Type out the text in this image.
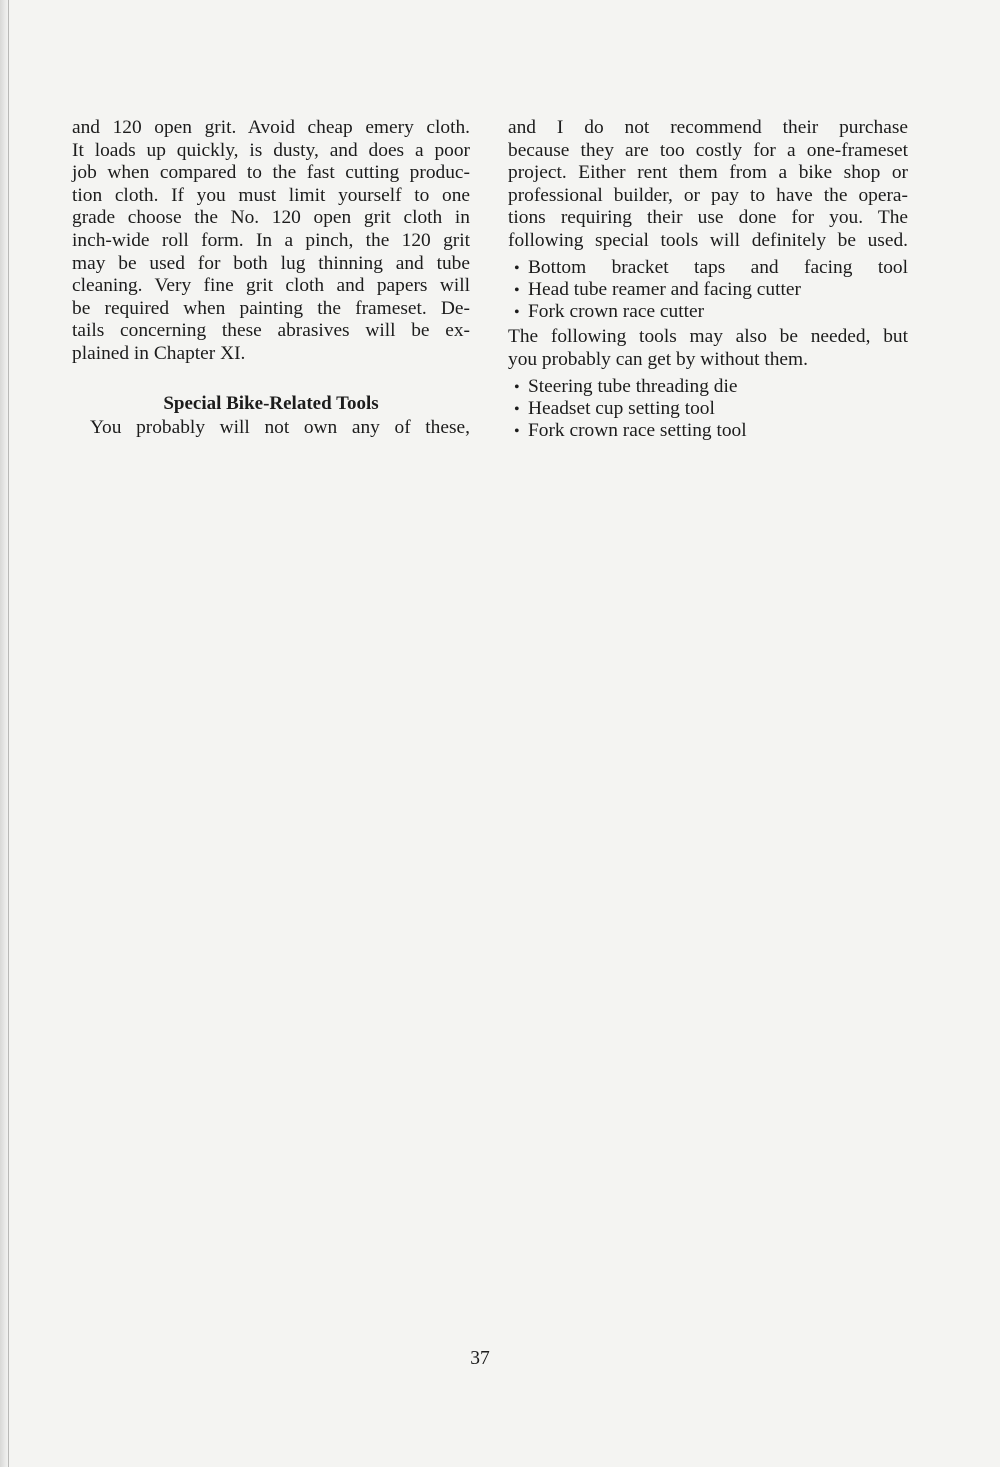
and 120 open grit. Avoid cheap emery cloth.
It loads up quickly, is dusty, and does a poor
job when compared to the fast cutting produc-
tion cloth. If you must limit yourself to one
grade choose the No. 120 open grit cloth in
inch-wide roll form. In a pinch, the 120 grit
may be used for both lug thinning and tube
cleaning. Very fine grit cloth and papers will
be required when painting the frameset. De-
tails concerning these abrasives will be ex-
plained in Chapter XI.
Special Bike-Related Tools
You probably will not own any of these,
and I do not recommend their purchase
because they are too costly for a one-frameset
project. Either rent them from a bike shop or
professional builder, or pay to have the opera-
tions requiring their use done for you. The
following special tools will definitely be used.
• Bottom bracket taps and facing tool
• Head tube reamer and facing cutter
• Fork crown race cutter
The following tools may also be needed, but
you probably can get by without them.
• Steering tube threading die
• Headset cup setting tool
• Fork crown race setting tool
37
